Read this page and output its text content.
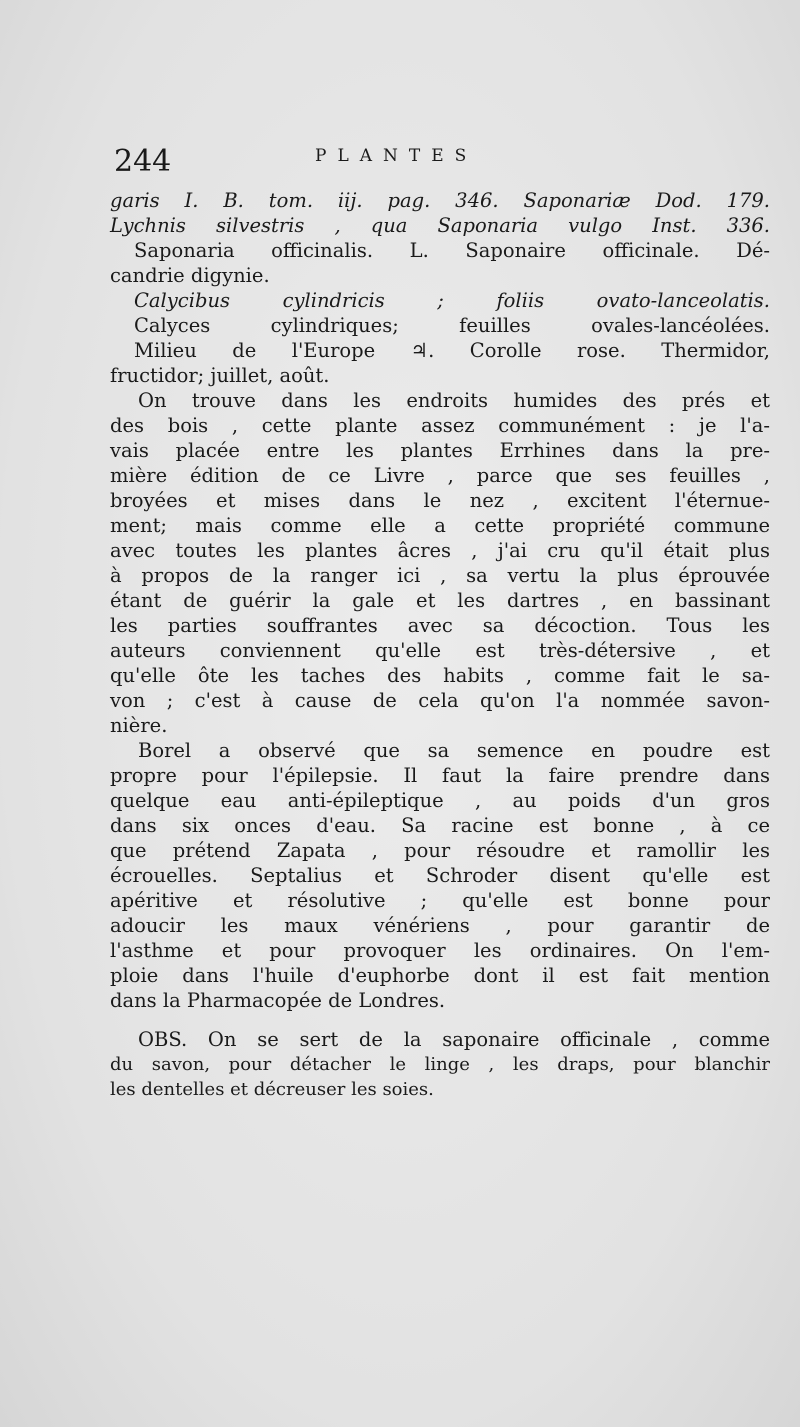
244	PLANTES
garis I. B. tom. iij. pag. 346. Saponariæ Dod. 179.
Lychnis silvestris , qua Saponaria vulgo Inst. 336.
Saponaria officinalis. L. Saponaire officinale. Dé-
candrie digynie.
Calycibus cylindricis ; foliis ovato-lanceolatis.
Calyces cylindriques; feuilles ovales-lancéolées.
Milieu de l'Europe ♃. Corolle rose. Thermidor,
fructidor; juillet, août.
On trouve dans les endroits humides des prés et
des bois , cette plante assez communément : je l'a-
vais placée entre les plantes Errhines dans la pre-
mière édition de ce Livre , parce que ses feuilles ,
broyées et mises dans le nez , excitent l'éternue-
ment; mais comme elle a cette propriété commune
avec toutes les plantes âcres , j'ai cru qu'il était plus
à propos de la ranger ici , sa vertu la plus éprouvée
étant de guérir la gale et les dartres , en bassinant
les parties souffrantes avec sa décoction. Tous les
auteurs conviennent qu'elle est très-détersive , et
qu'elle ôte les taches des habits , comme fait le sa-
von ; c'est à cause de cela qu'on l'a nommée savon-
nière.
Borel a observé que sa semence en poudre est
propre pour l'épilepsie. Il faut la faire prendre dans
quelque eau anti-épileptique , au poids d'un gros
dans six onces d'eau. Sa racine est bonne , à ce
que prétend Zapata , pour résoudre et ramollir les
écrouelles. Septalius et Schroder disent qu'elle est
apéritive et résolutive ; qu'elle est bonne pour
adoucir les maux vénériens , pour garantir de
l'asthme et pour provoquer les ordinaires. On l'em-
ploie dans l'huile d'euphorbe dont il est fait mention
dans la Pharmacopée de Londres.
OBS. On se sert de la saponaire officinale , comme
du savon, pour détacher le linge , les draps, pour blanchir
les dentelles et décreuser les soies.
